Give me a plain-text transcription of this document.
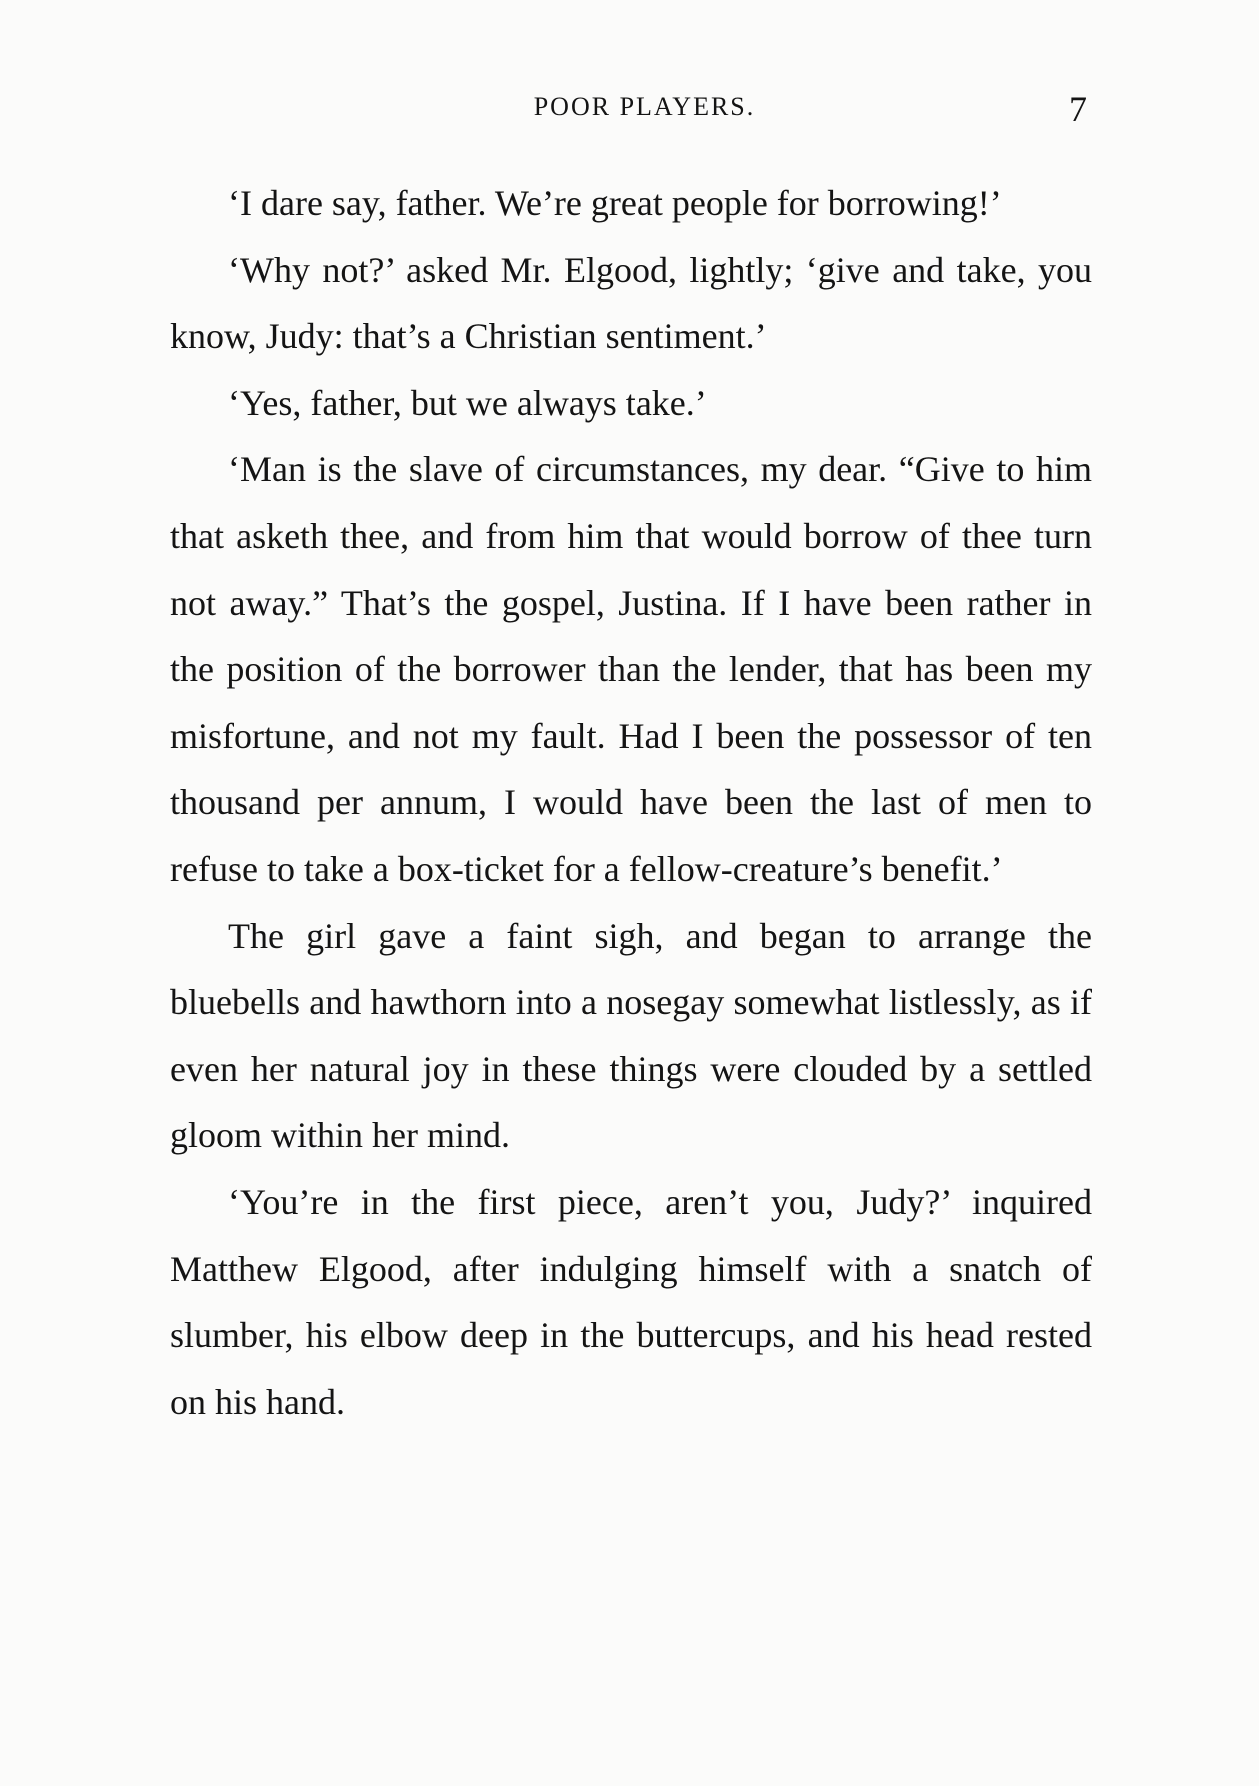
POOR PLAYERS.	7

‘I dare say, father. We’re great people for borrowing!’

‘Why not?’ asked Mr. Elgood, lightly; ‘give and take, you know, Judy: that’s a Christian sentiment.’

‘Yes, father, but we always take.’

‘Man is the slave of circumstances, my dear. “Give to him that asketh thee, and from him that would borrow of thee turn not away.” That’s the gospel, Justina. If I have been rather in the position of the borrower than the lender, that has been my misfortune, and not my fault. Had I been the possessor of ten thousand per annum, I would have been the last of men to refuse to take a box-ticket for a fellow-creature’s benefit.’

The girl gave a faint sigh, and began to arrange the bluebells and hawthorn into a nosegay somewhat listlessly, as if even her natural joy in these things were clouded by a settled gloom within her mind.

‘You’re in the first piece, aren’t you, Judy?’ inquired Matthew Elgood, after indulging himself with a snatch of slumber, his elbow deep in the buttercups, and his head rested on his hand.
